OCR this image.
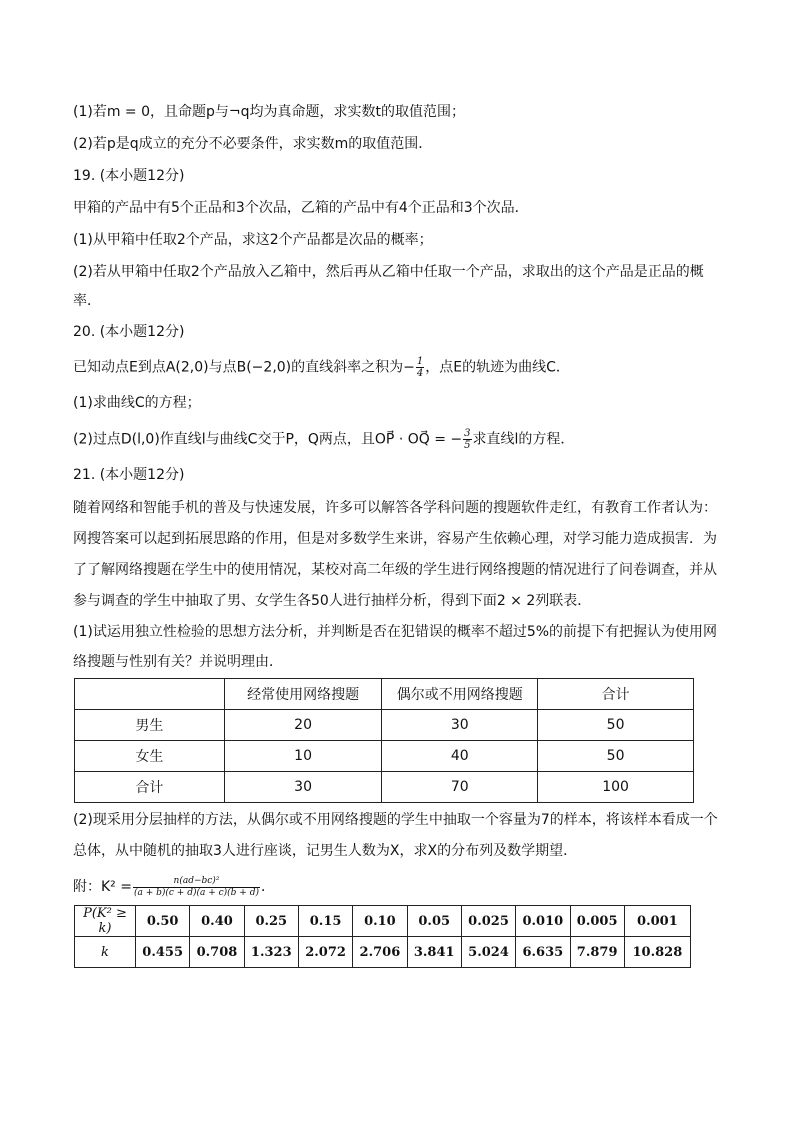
(1)若m = 0，且命题p与¬q均为真命题，求实数t的取值范围；
(2)若p是q成立的充分不必要条件，求实数m的取值范围．
19. (本小题12分)
甲箱的产品中有5个正品和3个次品，乙箱的产品中有4个正品和3个次品．
(1)从甲箱中任取2个产品，求这2个产品都是次品的概率；
(2)若从甲箱中任取2个产品放入乙箱中，然后再从乙箱中任取一个产品，求取出的这个产品是正品的概
率．
20. (本小题12分)
已知动点E到点A(2,0)与点B(−2,0)的直线斜率之积为− $\frac{1}{4}$ ，点E的轨迹为曲线C．
(1)求曲线C的方程；
(2)过点D(l,0)作直线l与曲线C交于P，Q两点，且OP⃗ · OQ⃗ = − $\frac{3}{5}$ 求直线l的方程．
21. (本小题12分)
随着网络和智能手机的普及与快速发展，许多可以解答各学科问题的搜题软件走红，有教育工作者认为：
网搜答案可以起到拓展思路的作用，但是对多数学生来讲，容易产生依赖心理，对学习能力造成损害．为
了了解网络搜题在学生中的使用情况，某校对高二年级的学生进行网络搜题的情况进行了问卷调查，并从
参与调查的学生中抽取了男、女学生各50人进行抽样分析，得到下面2 × 2列联表．
(1)试运用独立性检验的思想方法分析，并判断是否在犯错误的概率不超过5%的前提下有把握认为使用网
络搜题与性别有关？并说明理由．
	经常使用网络搜题	偶尔或不用网络搜题	合计
男生	20	30	50
女生	10	40	50
合计	30	70	100
(2)现采用分层抽样的方法，从偶尔或不用网络搜题的学生中抽取一个容量为7的样本，将该样本看成一个
总体，从中随机的抽取3人进行座谈，记男生人数为X，求X的分布列及数学期望．
附：$K^2 = \frac{\text{n(ad−bc)²}}{(a + b)(c + d)(a + c)(b + d)}$ ．
P(K² ≥ k)	0.50	0.40	0.25	0.15	0.10	0.05	0.025	0.010	0.005	0.001
k	0.455	0.708	1.323	2.072	2.706	3.841	5.024	6.635	7.879	10.828
